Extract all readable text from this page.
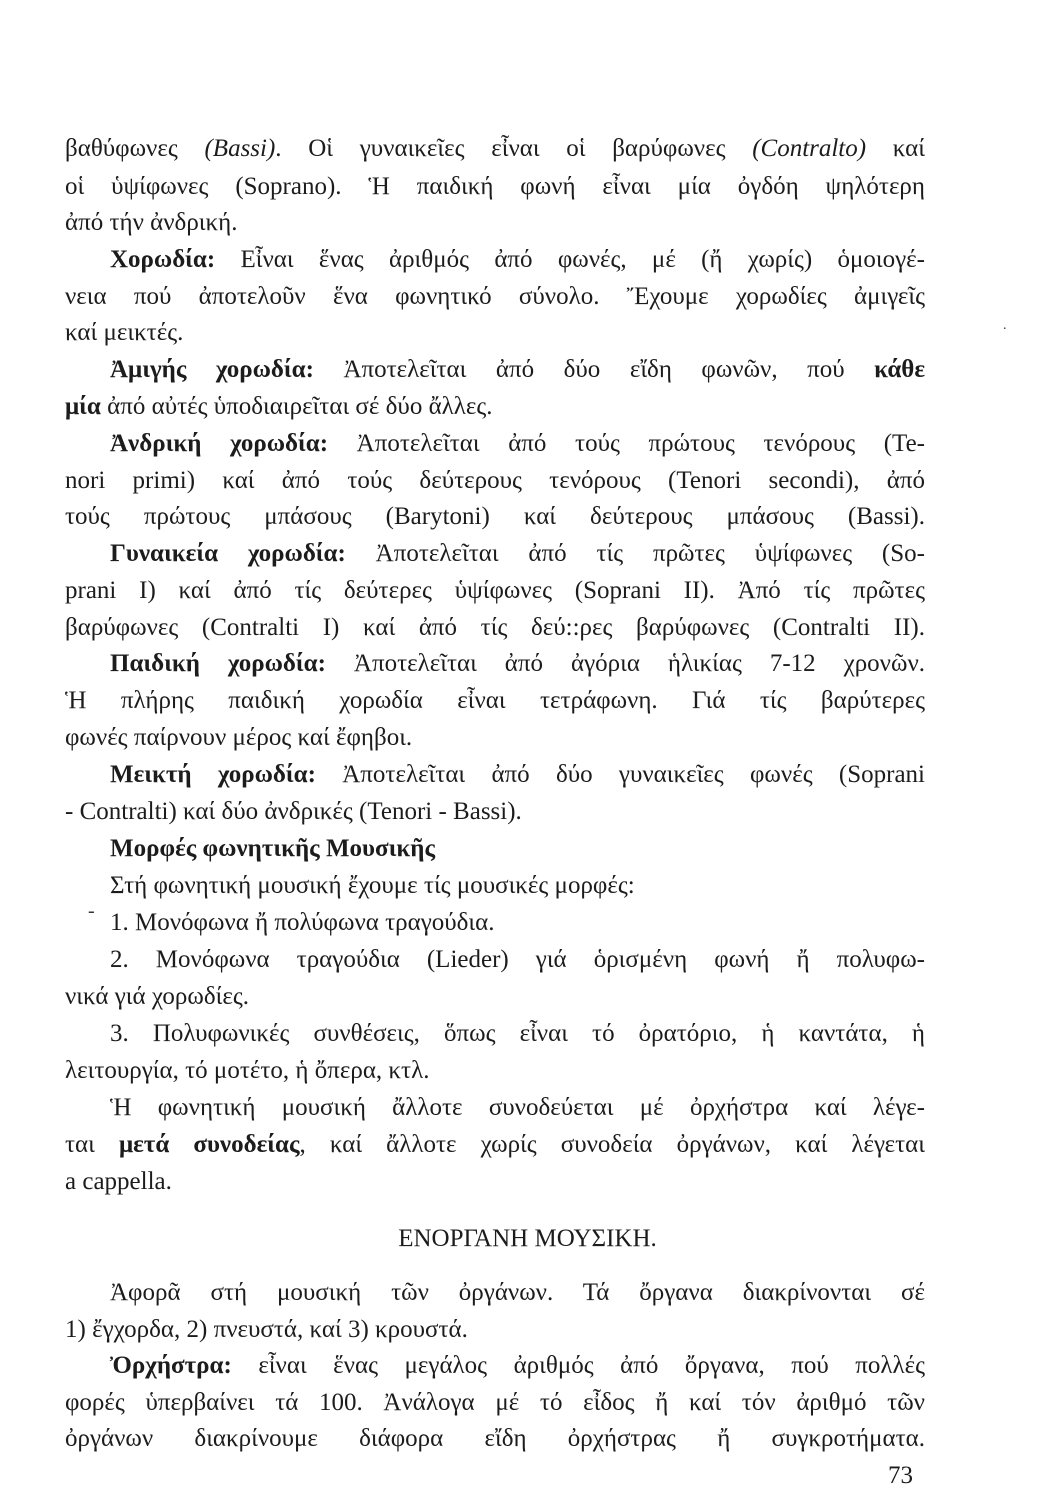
βαθύφωνες (Bassi). Οἱ γυναικεῖες εἶναι οἱ βαρύφωνες (Contralto) καί
οἱ ὑψίφωνες (Soprano). Ἡ παιδική φωνή εἶναι μία ὀγδόη ψηλότερη
ἀπό τήν ἀνδρική.
Χορωδία: Εἶναι ἕνας ἀριθμός ἀπό φωνές, μέ (ἤ χωρίς) ὁμοιογέ-
νεια πού ἀποτελοῦν ἕνα φωνητικό σύνολο. Ἔχουμε χορωδίες ἀμιγεῖς
καί μεικτές.
Ἀμιγής χορωδία: Ἀποτελεῖται ἀπό δύο εἴδη φωνῶν, πού κάθε
μία ἀπό αὐτές ὑποδιαιρεῖται σέ δύο ἄλλες.
Ἀνδρική χορωδία: Ἀποτελεῖται ἀπό τούς πρώτους τενόρους (Te-
nori primi) καί ἀπό τούς δεύτερους τενόρους (Tenori secondi), ἀπό
τούς πρώτους μπάσους (Barytoni) καί δεύτερους μπάσους (Bassi).
Γυναικεία χορωδία: Ἀποτελεῖται ἀπό τίς πρῶτες ὑψίφωνες (So-
prani I) καί ἀπό τίς δεύτερες ὑψίφωνες (Soprani II). Ἀπό τίς πρῶτες
βαρύφωνες (Contralti I) καί ἀπό τίς δεύ::ρες βαρύφωνες (Contralti II).
Παιδική χορωδία: Ἀποτελεῖται ἀπό ἀγόρια ἡλικίας 7-12 χρονῶν.
Ἡ πλήρης παιδική χορωδία εἶναι τετράφωνη. Γιά τίς βαρύτερες
φωνές παίρνουν μέρος καί ἔφηβοι.
Μεικτή χορωδία: Ἀποτελεῖται ἀπό δύο γυναικεῖες φωνές (Soprani
- Contralti) καί δύο ἀνδρικές (Tenori - Bassi).
Μορφές φωνητικῆς Μουσικῆς
Στή φωνητική μουσική ἔχουμε τίς μουσικές μορφές:
1. Μονόφωνα ἤ πολύφωνα τραγούδια.
2. Μονόφωνα τραγούδια (Lieder) γιά ὁρισμένη φωνή ἤ πολυφω-
νικά γιά χορωδίες.
3. Πολυφωνικές συνθέσεις, ὅπως εἶναι τό ὀρατόριο, ἡ καντάτα, ἡ
λειτουργία, τό μοτέτο, ἡ ὄπερα, κτλ.
Ἡ φωνητική μουσική ἄλλοτε συνοδεύεται μέ ὀρχήστρα καί λέγε-
ται μετά συνοδείας, καί ἄλλοτε χωρίς συνοδεία ὀργάνων, καί λέγεται
a cappella.
ΕΝΟΡΓΑΝΗ ΜΟΥΣΙΚΗ.
Ἀφορᾶ στή μουσική τῶν ὀργάνων. Τά ὄργανα διακρίνονται σέ
1) ἔγχορδα, 2) πνευστά, καί 3) κρουστά.
Ὀρχήστρα: εἶναι ἕνας μεγάλος ἀριθμός ἀπό ὄργανα, πού πολλές
φορές ὑπερβαίνει τά 100. Ἀνάλογα μέ τό εἶδος ἤ καί τόν ἀριθμό τῶν
ὀργάνων διακρίνουμε διάφορα εἴδη ὀρχήστρας ἤ συγκροτήματα.
73
.
-
